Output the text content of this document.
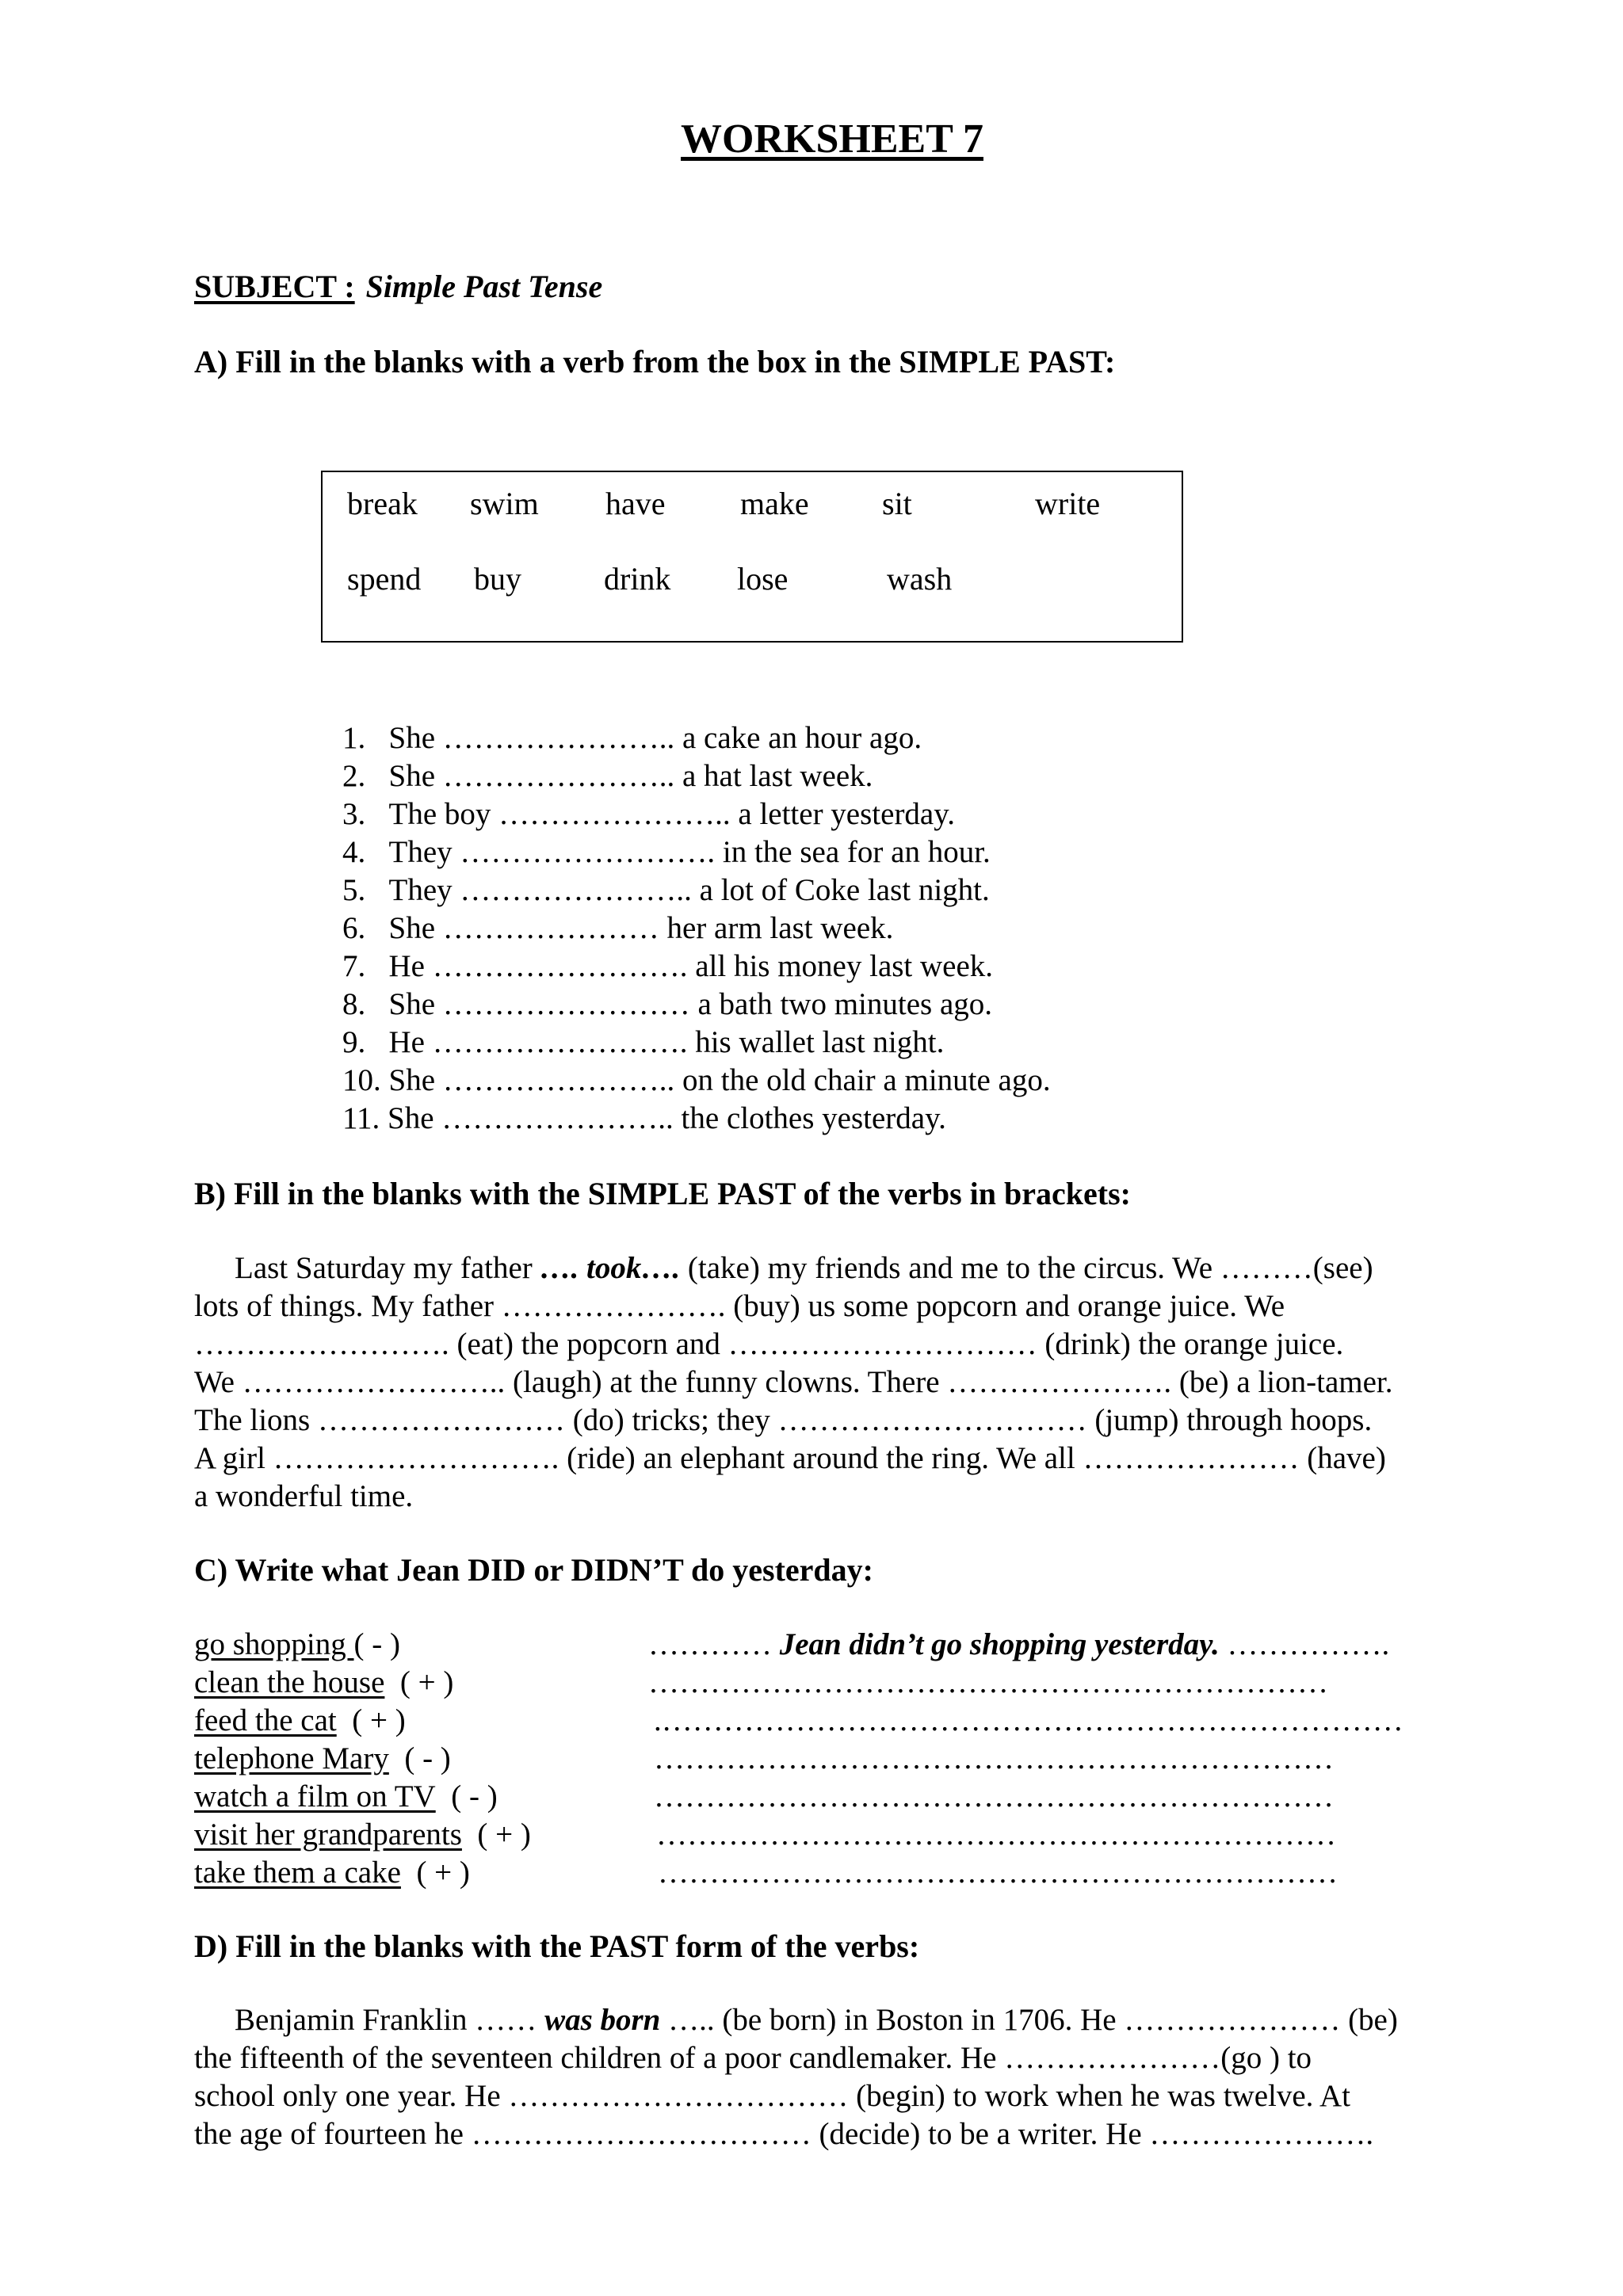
WORKSHEET 7
SUBJECT : Simple Past Tense
A) Fill in the blanks with a verb from the box in the SIMPLE PAST:
break swim have make sit	write
spend buy	drink lose	wash
1.   She ………………….. a cake an hour ago.
2.   She ………………….. a hat last week.
3.   The boy ………………….. a letter yesterday.
4.   They ……………………. in the sea for an hour.
5.   They ………………….. a lot of Coke last night.
6.   She ………………… her arm last week.
7.   He ……………………. all his money last week.
8.   She …………………… a bath two minutes ago.
9.   He ……………………. his wallet last night.
10. She ………………….. on the old chair a minute ago.
11. She ………………….. the clothes yesterday.
B) Fill in the blanks with the SIMPLE PAST of the verbs in brackets:
Last Saturday my father …. took…. (take) my friends and me to the circus. We ………(see)
lots of things. My father …………………. (buy) us some popcorn and orange juice. We
……………………. (eat) the popcorn and ………………………… (drink) the orange juice.
We …………………….. (laugh) at the funny clowns. There …………………. (be) a lion-tamer.
The lions …………………… (do) tricks; they ………………………… (jump) through hoops.
A girl ………………………. (ride) an elephant around the ring. We all ………………… (have)
a wonderful time.
C) Write what Jean DID or DIDN’T do yesterday:
go shopping ( - )	………… Jean didn’t go shopping yesterday. …………….
clean the house ( + )	…………………………………………………………
feed the cat ( + )	.………………………………………………………………
telephone Mary ( - )	…………………………………………………………
watch a film on TV ( - )	…………………………………………………………
visit her grandparents ( + )	…………………………………………………………
take them a cake ( + )	…………………………………………………………
D) Fill in the blanks with the PAST form of the verbs:
Benjamin Franklin …… was born ….. (be born) in Boston in 1706. He ………………… (be)
the fifteenth of the seventeen children of a poor candlemaker. He …………………(go ) to
school only one year. He …………………………… (begin) to work when he was twelve. At
the age of fourteen he …………………………… (decide) to be a writer. He ………………….
